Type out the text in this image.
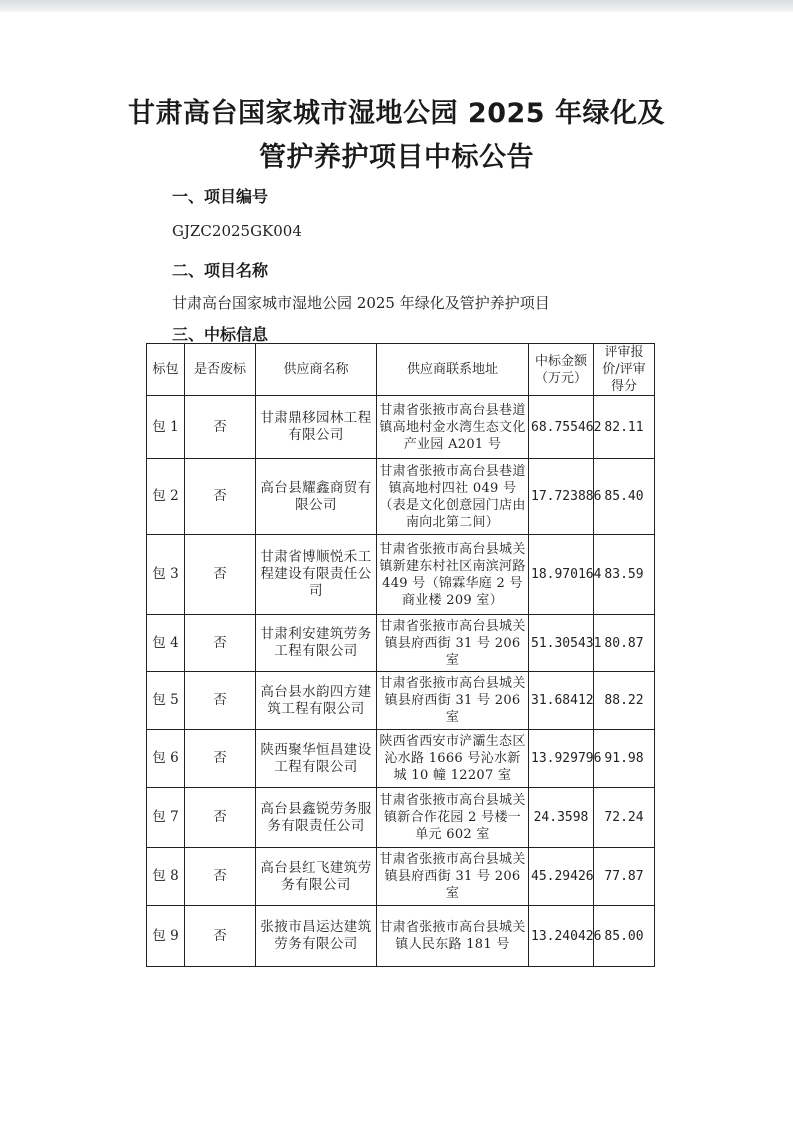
甘肃高台国家城市湿地公园 2025 年绿化及
管护养护项目中标公告
一、项目编号
GJZC2025GK004
二、项目名称
甘肃高台国家城市湿地公园 2025 年绿化及管护养护项目
三、中标信息
标包	是否废标	供应商名称	供应商联系地址	中标金额（万元）	评审报价/评审得分
包 1	否	甘肃鼎移园林工程有限公司	甘肃省张掖市高台县巷道镇高地村金水湾生态文化产业园 A201 号	68.755462	82.11
包 2	否	高台县耀鑫商贸有限公司	甘肃省张掖市高台县巷道镇高地村四社 049 号（表是文化创意园门店由南向北第二间）	17.723886	85.40
包 3	否	甘肃省博顺悦禾工程建设有限责任公司	甘肃省张掖市高台县城关镇新建东村社区南滨河路 449 号（锦霖华庭 2 号商业楼 209 室）	18.970164	83.59
包 4	否	甘肃利安建筑劳务工程有限公司	甘肃省张掖市高台县城关镇县府西街 31 号 206 室	51.305431	80.87
包 5	否	高台县水韵四方建筑工程有限公司	甘肃省张掖市高台县城关镇县府西街 31 号 206 室	31.68412	88.22
包 6	否	陕西聚华恒昌建设工程有限公司	陕西省西安市浐灞生态区沁水路 1666 号沁水新城 10 幢 12207 室	13.929796	91.98
包 7	否	高台县鑫锐劳务服务有限责任公司	甘肃省张掖市高台县城关镇新合作花园 2 号楼一单元 602 室	24.3598	72.24
包 8	否	高台县红飞建筑劳务有限公司	甘肃省张掖市高台县城关镇县府西街 31 号 206 室	45.29426	77.87
包 9	否	张掖市昌运达建筑劳务有限公司	甘肃省张掖市高台县城关镇人民东路 181 号	13.240426	85.00
